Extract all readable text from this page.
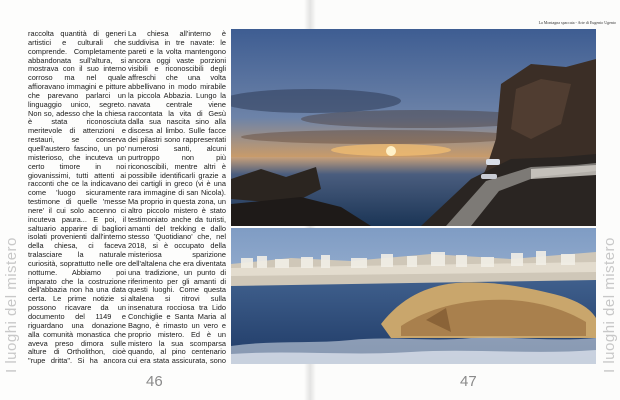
La Montagna spaccata - Arte di Eugenio Ugento
I luoghi del mistero	I luoghi del mistero

raccolta quantità di generi artistici e culturali che comprende. Completamente abbandonata sull'altura, si mostrava con il suo interno corroso ma nel quale affioravano immagini e pitture che parevano parlarci un linguaggio unico, segreto. Non so, adesso che la chiesa è stata riconosciuta meritevole di attenzioni e restauri, se conserva quell'austero fascino, un po' misterioso, che incuteva un certo timore in noi giovanissimi, tutti attenti ai racconti che ce la indicavano come 'luogo sicuramente testimone di quelle 'messe nere' il cui solo accenno ci incuteva paura... E poi, il saltuario apparire di bagliori isolati provenienti dall'interno della chiesa, ci faceva tralasciare la naturale curiosità, soprattutto nelle ore notturne. Abbiamo poi imparato che la costruzione dell'abbazia non ha una data certa. Le prime notizie si possono ricavare da un documento del 1149 e riguardano una donazione alla comunità monastica che aveva preso dimora sulle alture di Ortholithon, cioè "rupe dritta". Si ha ancora

La chiesa all'interno è suddivisa in tre navate: le pareti e la volta mantengono ancora oggi vaste porzioni visibili e riconoscibili degli affreschi che una volta abbellivano in modo mirabile la piccola Abbazia. Lungo la navata centrale viene raccontata la vita di Gesù dalla sua nascita sino alla discesa al limbo. Sulle facce dei pilastri sono rappresentati numerosi santi, alcuni purtroppo non più riconoscibili, mentre altri è possibile identificarli grazie a dei cartigli in greco (vi è una rara immagine di san Nicola). Ma proprio in questa zona, un altro piccolo mistero è stato testimoniato anche da turisti, amanti del trekking e dallo stesso 'Quotidiano' che, nel 2018, si è occupato della misteriosa sparizione dell'altalena che era diventata una tradizione, un punto di riferimento per gli amanti di questi luoghi. Come questa altalena si ritrovi sulla insenatura rocciosa tra Lido Conchiglie e Santa Maria al Bagno, è rimasto un vero e proprio mistero. Ed è un mistero la sua scomparsa quando, al pino centenario cui era stata assicurata, sono

46	47
